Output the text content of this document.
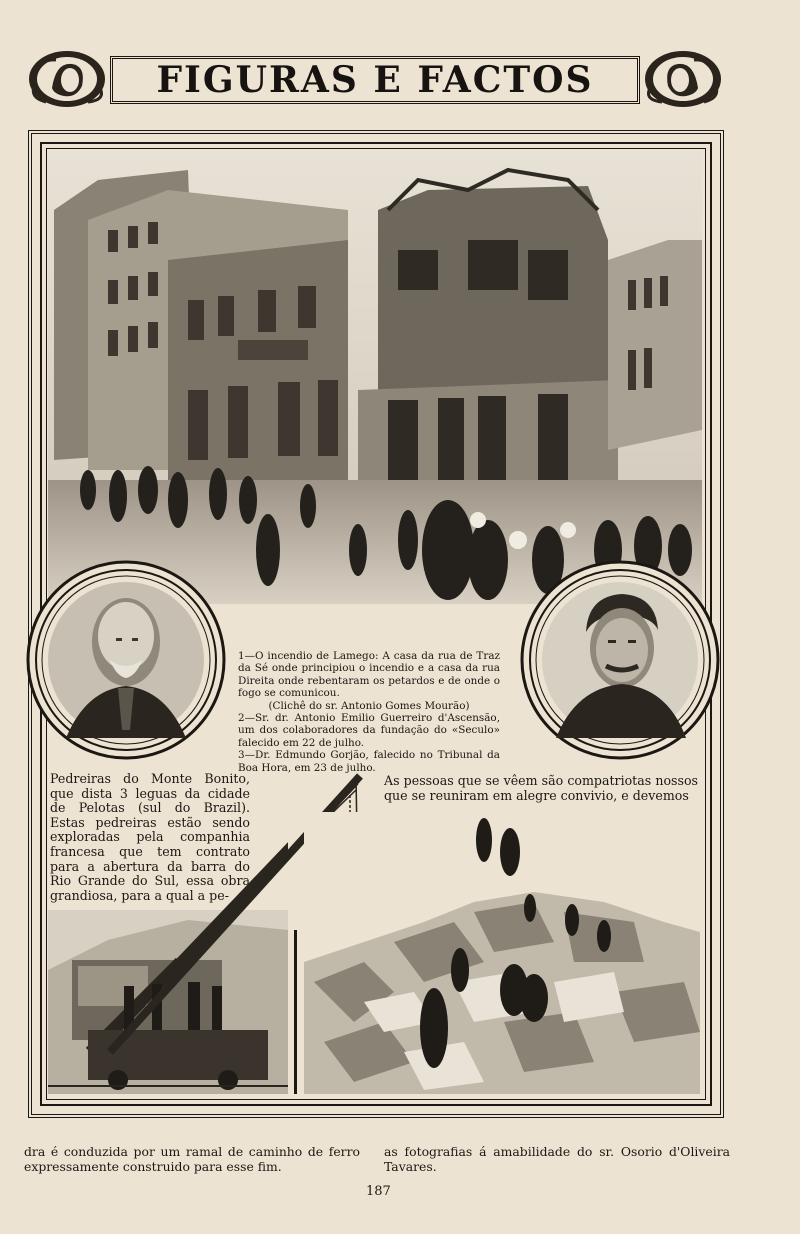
FIGURAS E FACTOS

1—O incendio de Lamego: A casa da rua de Traz da Sé onde principiou o incendio e a casa da rua Direita onde rebentaram os petardos e de onde o fogo se comunicou.

(Clichê do sr. Antonio Gomes Mourão)

2—Sr. dr. Antonio Emilio Guerreiro d'Ascensão, um dos colaboradores da fundação do «Seculo» falecido em 22 de julho.

3—Dr. Edmundo Gorjão, falecido no Tribunal da Boa Hora, em 23 de julho.

Pedreiras do Monte Bonito, que dista 3 leguas da cidade de Pelotas (sul do Brazil). Estas pedreiras estão sendo exploradas pela companhia francesa que tem contrato para a abertura da barra do Rio Grande do Sul, essa obra grandiosa, para a qual a pe-
As pessoas que se vêem são compatriotas nossos que se reuniram em alegre convivio, e devemos
dra é conduzida por um ramal de caminho de ferro expressamente construido para esse fim.
as fotografias á amabilidade do sr. Osorio d'Oliveira Tavares.
187
